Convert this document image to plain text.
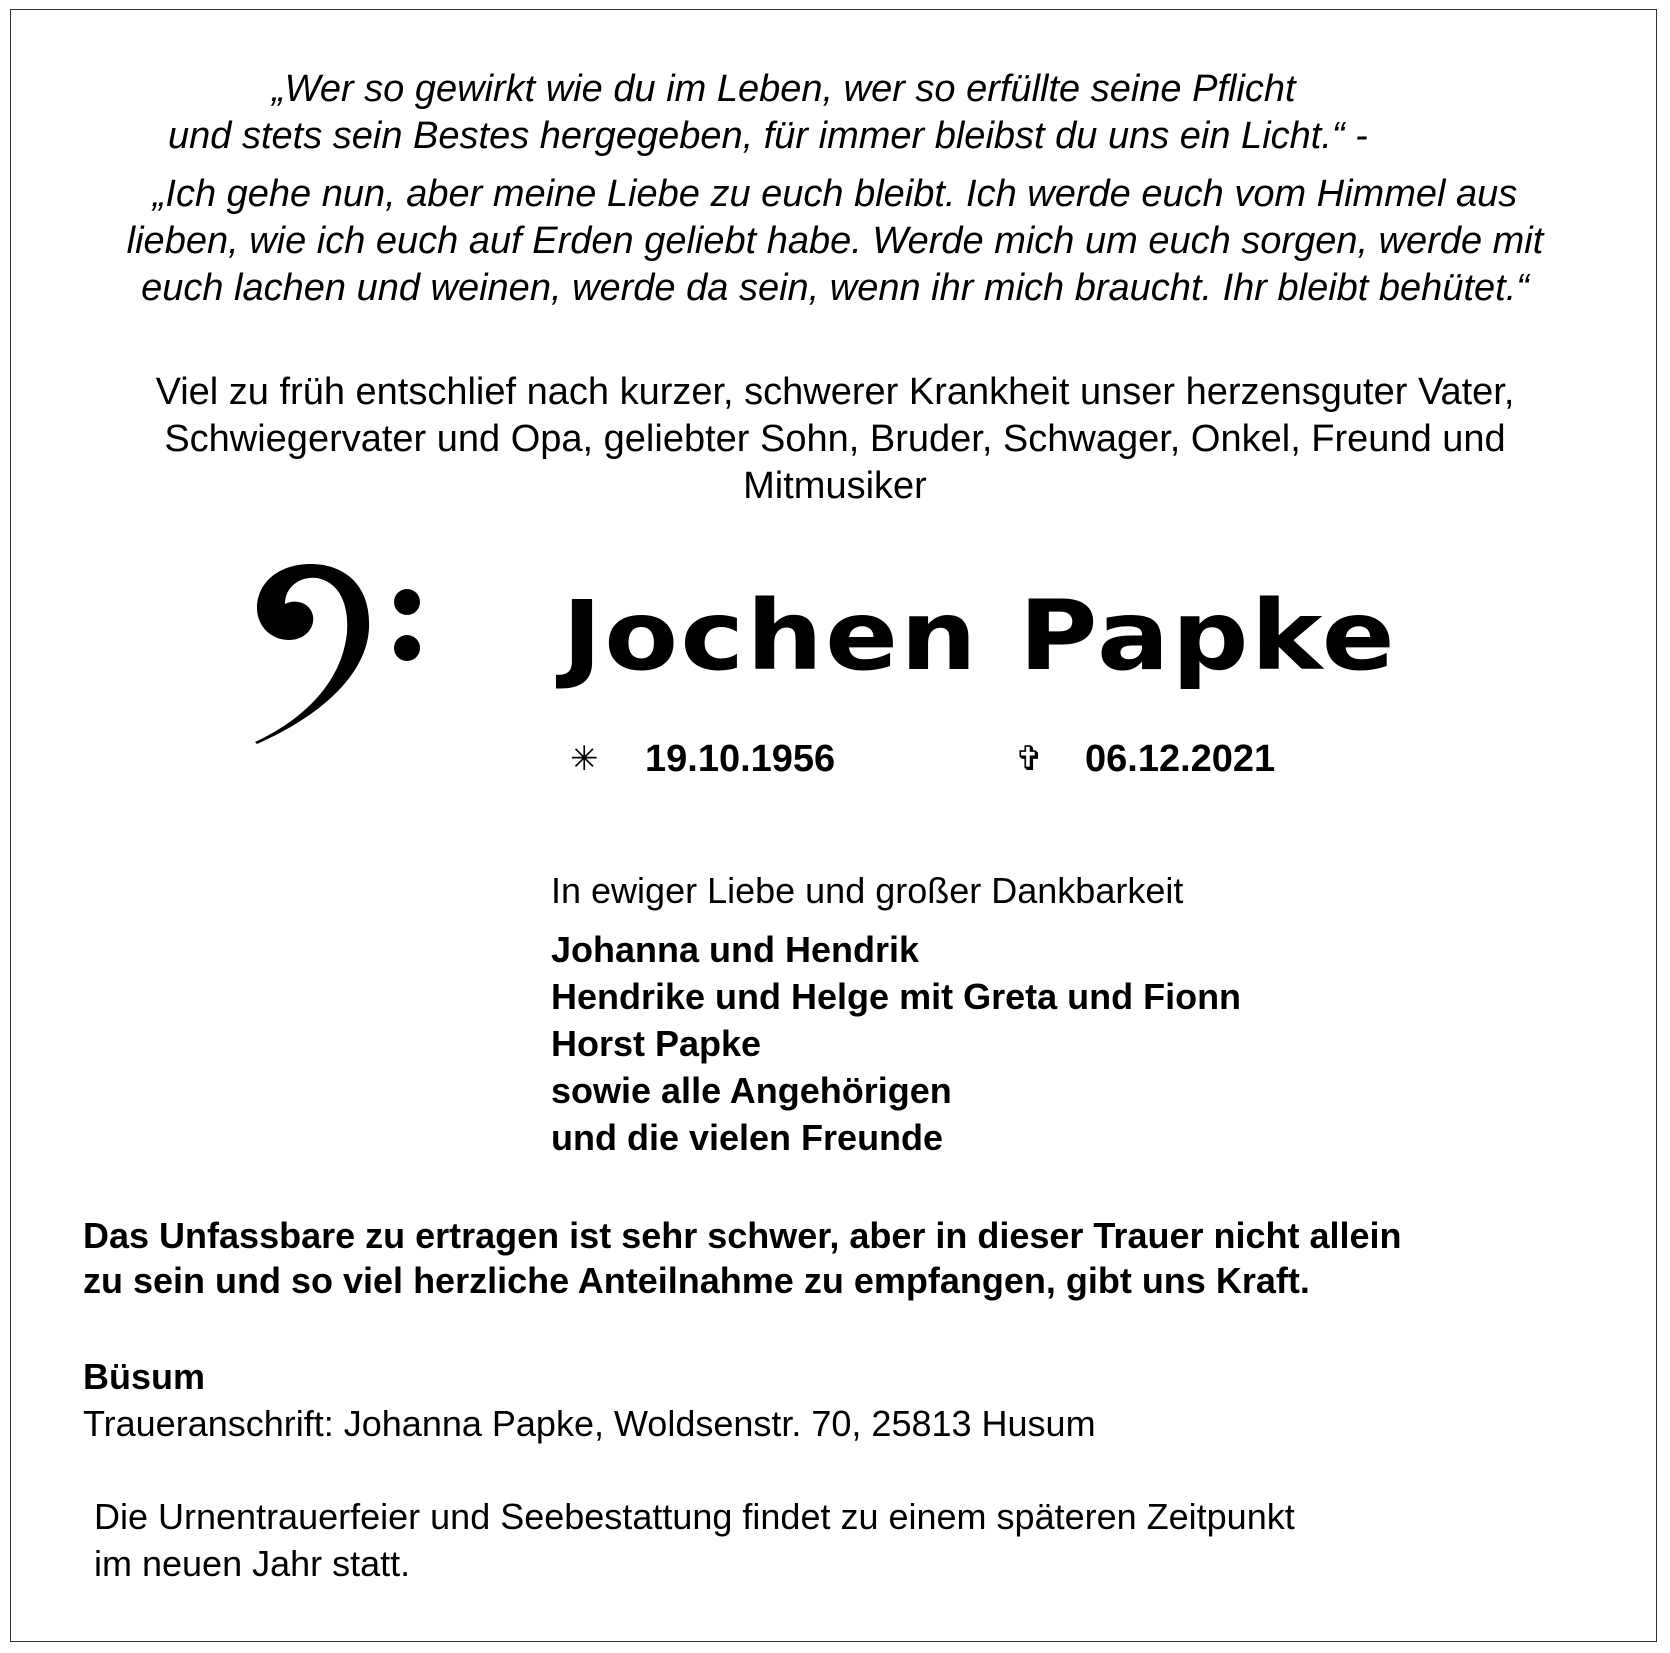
„Wer so gewirkt wie du im Leben, wer so erfüllte seine Pflicht
und stets sein Bestes hergegeben, für immer bleibst du uns ein Licht.“ -
„Ich gehe nun, aber meine Liebe zu euch bleibt. Ich werde euch vom Himmel aus
lieben, wie ich euch auf Erden geliebt habe. Werde mich um euch sorgen, werde mit
euch lachen und weinen, werde da sein, wenn ihr mich braucht. Ihr bleibt behütet.“
Viel zu früh entschlief nach kurzer, schwerer Krankheit unser herzensguter Vater,
Schwiegervater und Opa, geliebter Sohn, Bruder, Schwager, Onkel, Freund und
Mitmusiker
Jochen Papke
✳ 19.10.1956	✞ 06.12.2021
In ewiger Liebe und großer Dankbarkeit
Johanna und Hendrik
Hendrike und Helge mit Greta und Fionn
Horst Papke
sowie alle Angehörigen
und die vielen Freunde
Das Unfassbare zu ertragen ist sehr schwer, aber in dieser Trauer nicht allein
zu sein und so viel herzliche Anteilnahme zu empfangen, gibt uns Kraft.
Büsum
Traueranschrift: Johanna Papke, Woldsenstr. 70, 25813 Husum
Die Urnentrauerfeier und Seebestattung findet zu einem späteren Zeitpunkt
im neuen Jahr statt.
